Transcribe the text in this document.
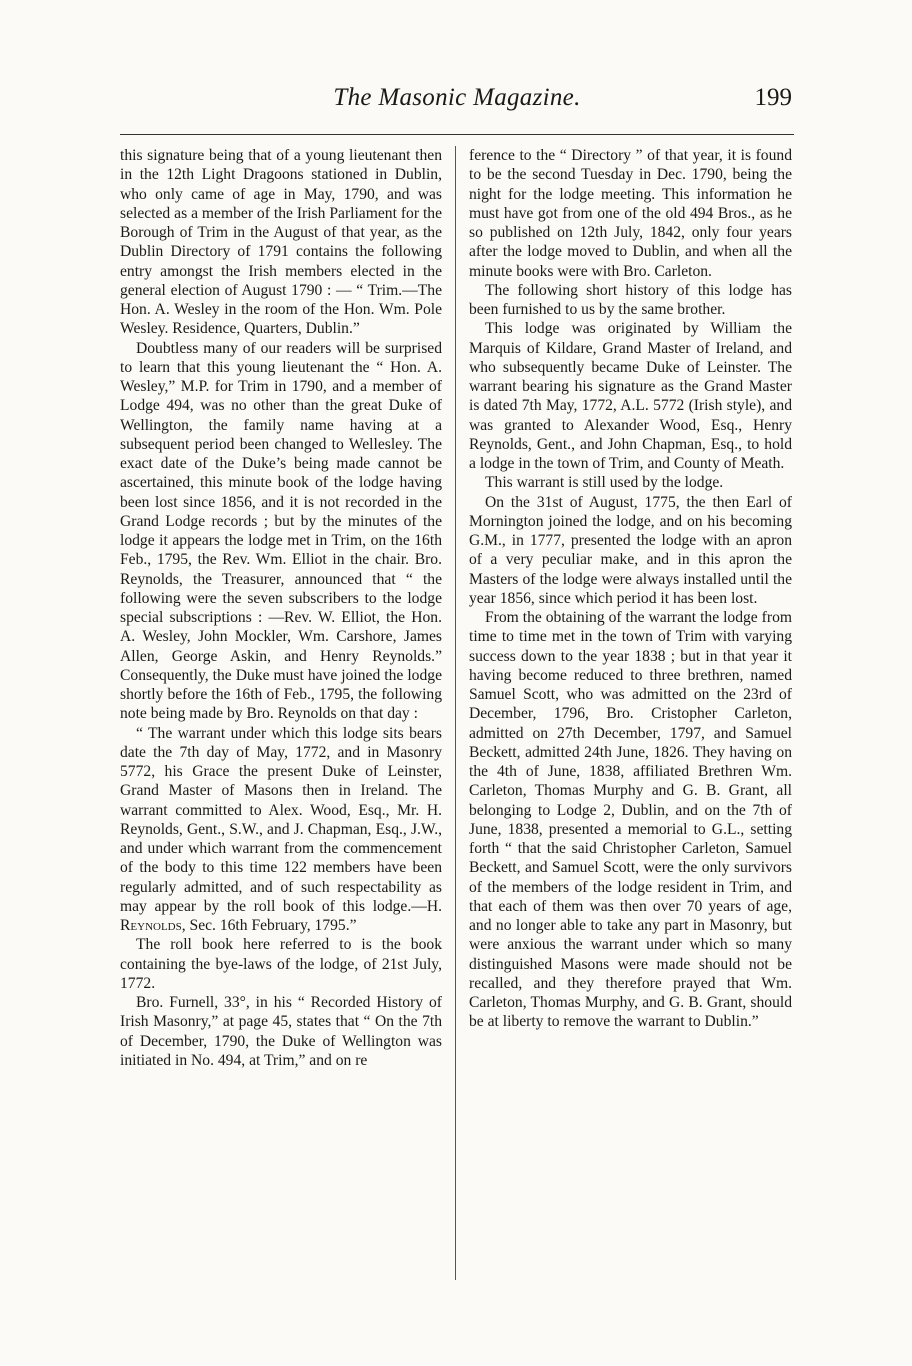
The Masonic Magazine.	199

this signature being that of a young lieutenant then in the 12th Light Dragoons stationed in Dublin, who only came of age in May, 1790, and was selected as a member of the Irish Parliament for the Borough of Trim in the August of that year, as the Dublin Directory of 1791 contains the following entry amongst the Irish members elected in the general election of August 1790 : — “ Trim.—The Hon. A. Wesley in the room of the Hon. Wm. Pole Wesley. Residence, Quarters, Dublin.”

Doubtless many of our readers will be surprised to learn that this young lieutenant the “ Hon. A. Wesley,” M.P. for Trim in 1790, and a member of Lodge 494, was no other than the great Duke of Wellington, the family name having at a subsequent period been changed to Wellesley. The exact date of the Duke’s being made cannot be ascertained, this minute book of the lodge having been lost since 1856, and it is not recorded in the Grand Lodge records ; but by the minutes of the lodge it appears the lodge met in Trim, on the 16th Feb., 1795, the Rev. Wm. Elliot in the chair. Bro. Reynolds, the Treasurer, announced that “ the following were the seven subscribers to the lodge special subscriptions : —Rev. W. Elliot, the Hon. A. Wesley, John Mockler, Wm. Carshore, James Allen, George Askin, and Henry Reynolds.” Consequently, the Duke must have joined the lodge shortly before the 16th of Feb., 1795, the following note being made by Bro. Reynolds on that day :

“ The warrant under which this lodge sits bears date the 7th day of May, 1772, and in Masonry 5772, his Grace the present Duke of Leinster, Grand Master of Masons then in Ireland. The warrant committed to Alex. Wood, Esq., Mr. H. Reynolds, Gent., S.W., and J. Chapman, Esq., J.W., and under which warrant from the commencement of the body to this time 122 members have been regularly admitted, and of such respectability as may appear by the roll book of this lodge.—H. Reynolds, Sec. 16th February, 1795.”

The roll book here referred to is the book containing the bye-laws of the lodge, of 21st July, 1772.

Bro. Furnell, 33°, in his “ Recorded History of Irish Masonry,” at page 45, states that “ On the 7th of December, 1790, the Duke of Wellington was initiated in No. 494, at Trim,” and on re

ference to the “ Directory ” of that year, it is found to be the second Tuesday in Dec. 1790, being the night for the lodge meeting. This information he must have got from one of the old 494 Bros., as he so published on 12th July, 1842, only four years after the lodge moved to Dublin, and when all the minute books were with Bro. Carleton.

The following short history of this lodge has been furnished to us by the same brother.

This lodge was originated by William the Marquis of Kildare, Grand Master of Ireland, and who subsequently became Duke of Leinster. The warrant bearing his signature as the Grand Master is dated 7th May, 1772, A.L. 5772 (Irish style), and was granted to Alexander Wood, Esq., Henry Reynolds, Gent., and John Chapman, Esq., to hold a lodge in the town of Trim, and County of Meath.

This warrant is still used by the lodge.

On the 31st of August, 1775, the then Earl of Mornington joined the lodge, and on his becoming G.M., in 1777, presented the lodge with an apron of a very peculiar make, and in this apron the Masters of the lodge were always installed until the year 1856, since which period it has been lost.

From the obtaining of the warrant the lodge from time to time met in the town of Trim with varying success down to the year 1838 ; but in that year it having become reduced to three brethren, named Samuel Scott, who was admitted on the 23rd of December, 1796, Bro. Cristopher Carleton, admitted on 27th December, 1797, and Samuel Beckett, admitted 24th June, 1826. They having on the 4th of June, 1838, affiliated Brethren Wm. Carleton, Thomas Murphy and G. B. Grant, all belonging to Lodge 2, Dublin, and on the 7th of June, 1838, presented a memorial to G.L., setting forth “ that the said Christopher Carleton, Samuel Beckett, and Samuel Scott, were the only survivors of the members of the lodge resident in Trim, and that each of them was then over 70 years of age, and no longer able to take any part in Masonry, but were anxious the warrant under which so many distinguished Masons were made should not be recalled, and they therefore prayed that Wm. Carleton, Thomas Murphy, and G. B. Grant, should be at liberty to remove the warrant to Dublin.”
